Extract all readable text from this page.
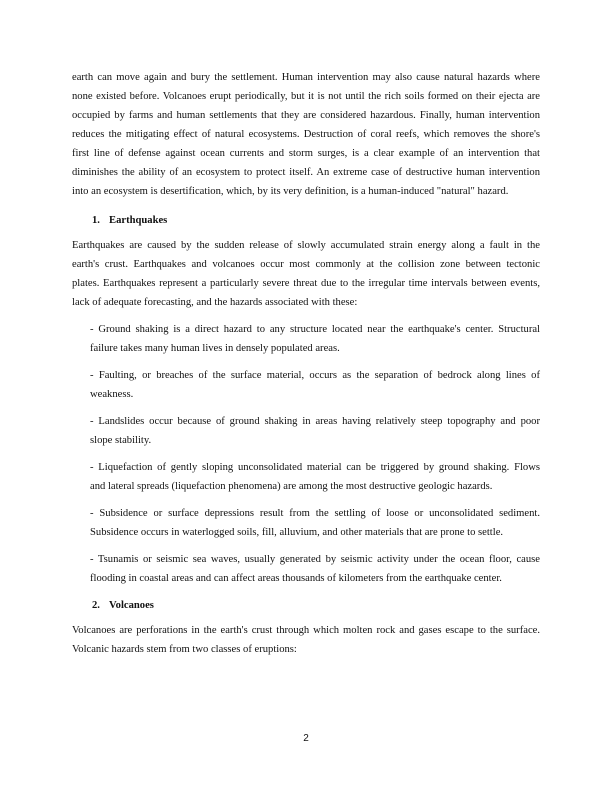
earth can move again and bury the settlement. Human intervention may also cause natural hazards where
none existed before. Volcanoes erupt periodically, but it is not until the rich soils formed on their ejecta are
occupied by farms and human settlements that they are considered hazardous. Finally, human intervention
reduces the mitigating effect of natural ecosystems. Destruction of coral reefs, which removes the shore's
first line of defense against ocean currents and storm surges, is a clear example of an intervention that
diminishes the ability of an ecosystem to protect itself. An extreme case of destructive human intervention
into an ecosystem is desertification, which, by its very definition, is a human-induced "natural" hazard.
1. Earthquakes
Earthquakes are caused by the sudden release of slowly accumulated strain energy along a fault in the
earth's crust. Earthquakes and volcanoes occur most commonly at the collision zone between tectonic
plates. Earthquakes represent a particularly severe threat due to the irregular time intervals between events,
lack of adequate forecasting, and the hazards associated with these:
- Ground shaking is a direct hazard to any structure located near the earthquake's center. Structural
failure takes many human lives in densely populated areas.
- Faulting, or breaches of the surface material, occurs as the separation of bedrock along lines of
weakness.
- Landslides occur because of ground shaking in areas having relatively steep topography and poor
slope stability.
- Liquefaction of gently sloping unconsolidated material can be triggered by ground shaking. Flows
and lateral spreads (liquefaction phenomena) are among the most destructive geologic hazards.
- Subsidence or surface depressions result from the settling of loose or unconsolidated sediment.
Subsidence occurs in waterlogged soils, fill, alluvium, and other materials that are prone to settle.
- Tsunamis or seismic sea waves, usually generated by seismic activity under the ocean floor, cause
flooding in coastal areas and can affect areas thousands of kilometers from the earthquake center.
2. Volcanoes
Volcanoes are perforations in the earth's crust through which molten rock and gases escape to the surface.
Volcanic hazards stem from two classes of eruptions:
2
